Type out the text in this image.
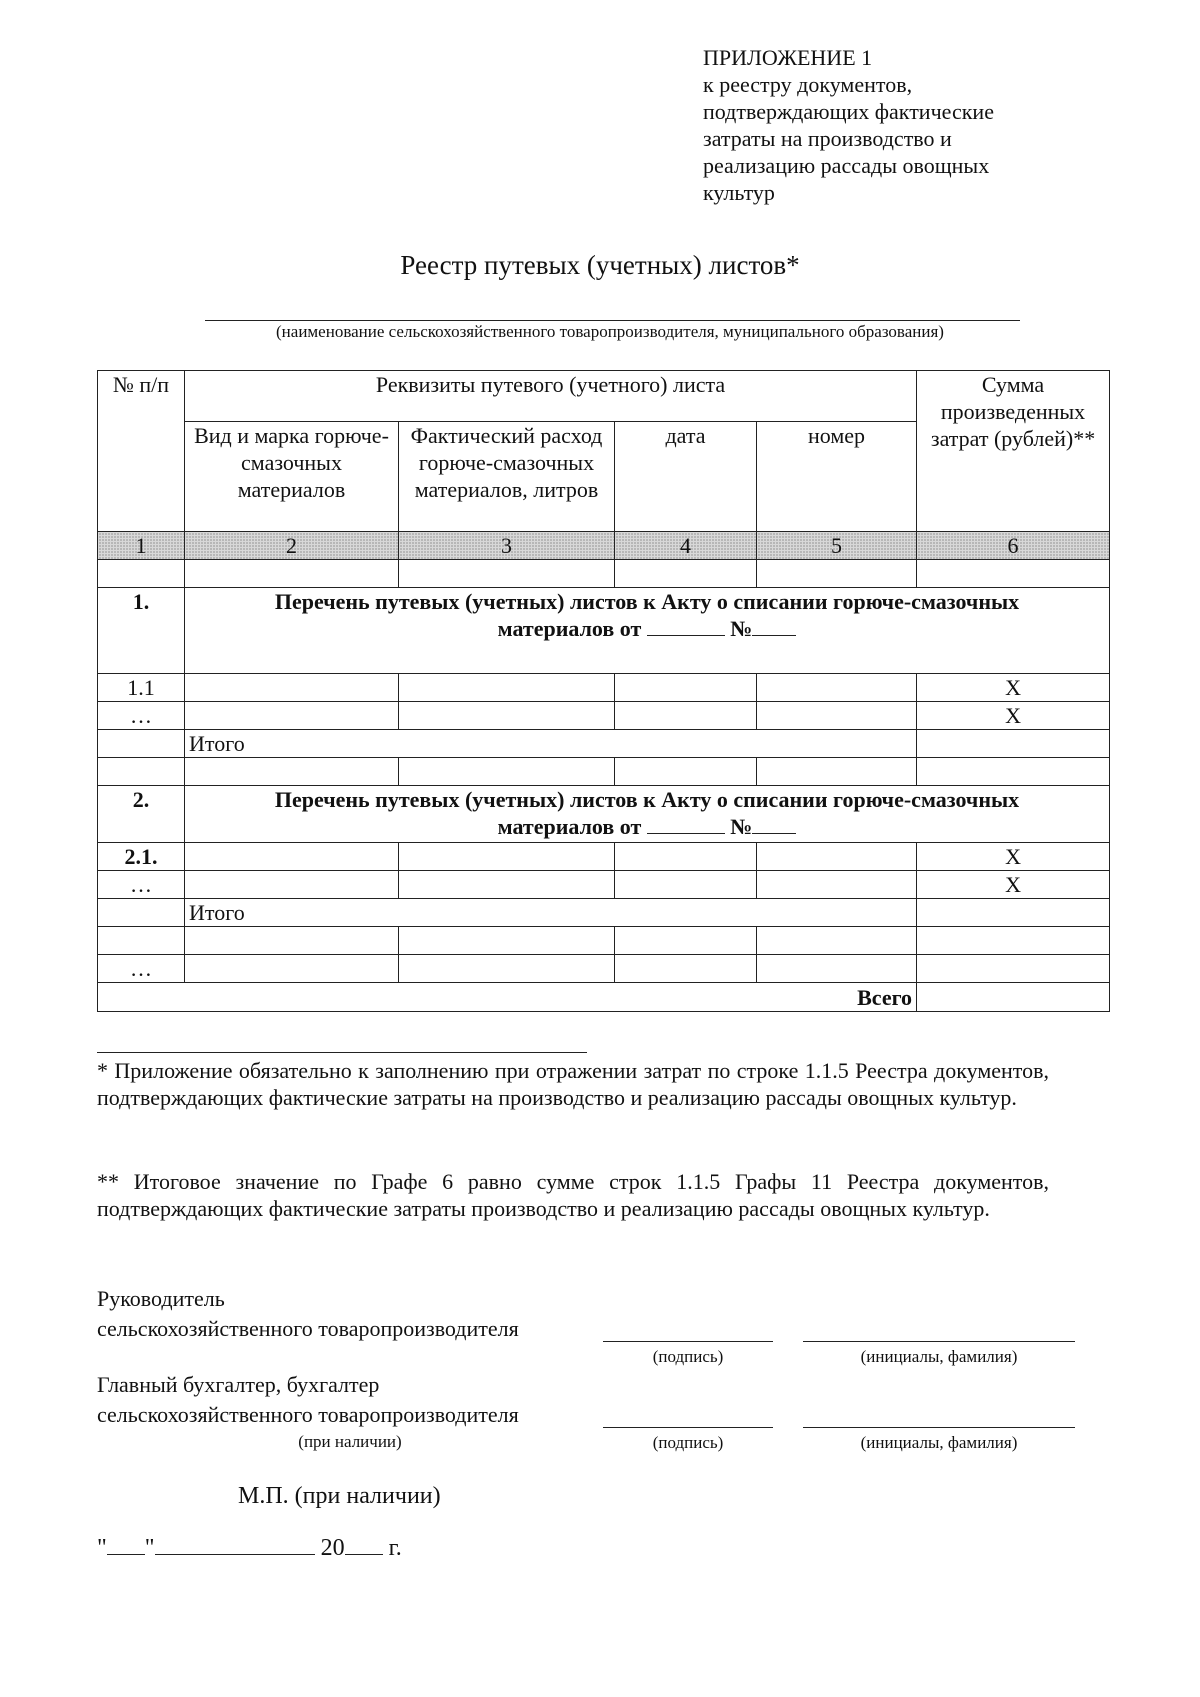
ПРИЛОЖЕНИЕ 1
к реестру документов,
подтверждающих фактические
затраты на производство и
реализацию рассады овощных
культур
Реестр путевых (учетных) листов*
(наименование сельскохозяйственного товаропроизводителя, муниципального образования)
№ п/п	Реквизиты путевого (учетного) листа				Сумма произведенных затрат (рублей)**
	Вид и марка горюче-смазочных материалов	Фактический расход горюче-смазочных материалов, литров	дата	номер	
1	2	3	4	5	6

1.	Перечень путевых (учетных) листов к Акту о списании горюче-смазочных
материалов от №				

1.1					X
…					X
	Итого				

2.	Перечень путевых (учетных) листов к Акту о списании горюче-смазочных
материалов от №				

2.1.					X
…					X
	Итого				

…					
Всего					
* Приложение обязательно к заполнению при отражении затрат по строке 1.1.5 Реестра документов, подтверждающих фактические затраты на производство и реализацию рассады овощных культур.
** Итоговое значение по Графе 6 равно сумме строк 1.1.5 Графы 11 Реестра документов, подтверждающих фактические затраты производство и реализацию рассады овощных культур.
Руководитель
сельскохозяйственного товаропроизводителя
(подпись)	(инициалы, фамилия)
Главный бухгалтер, бухгалтер
сельскохозяйственного товаропроизводителя
(при наличии)	(подпись)	(инициалы, фамилия)
М.П. (при наличии)
" "	20 г.
